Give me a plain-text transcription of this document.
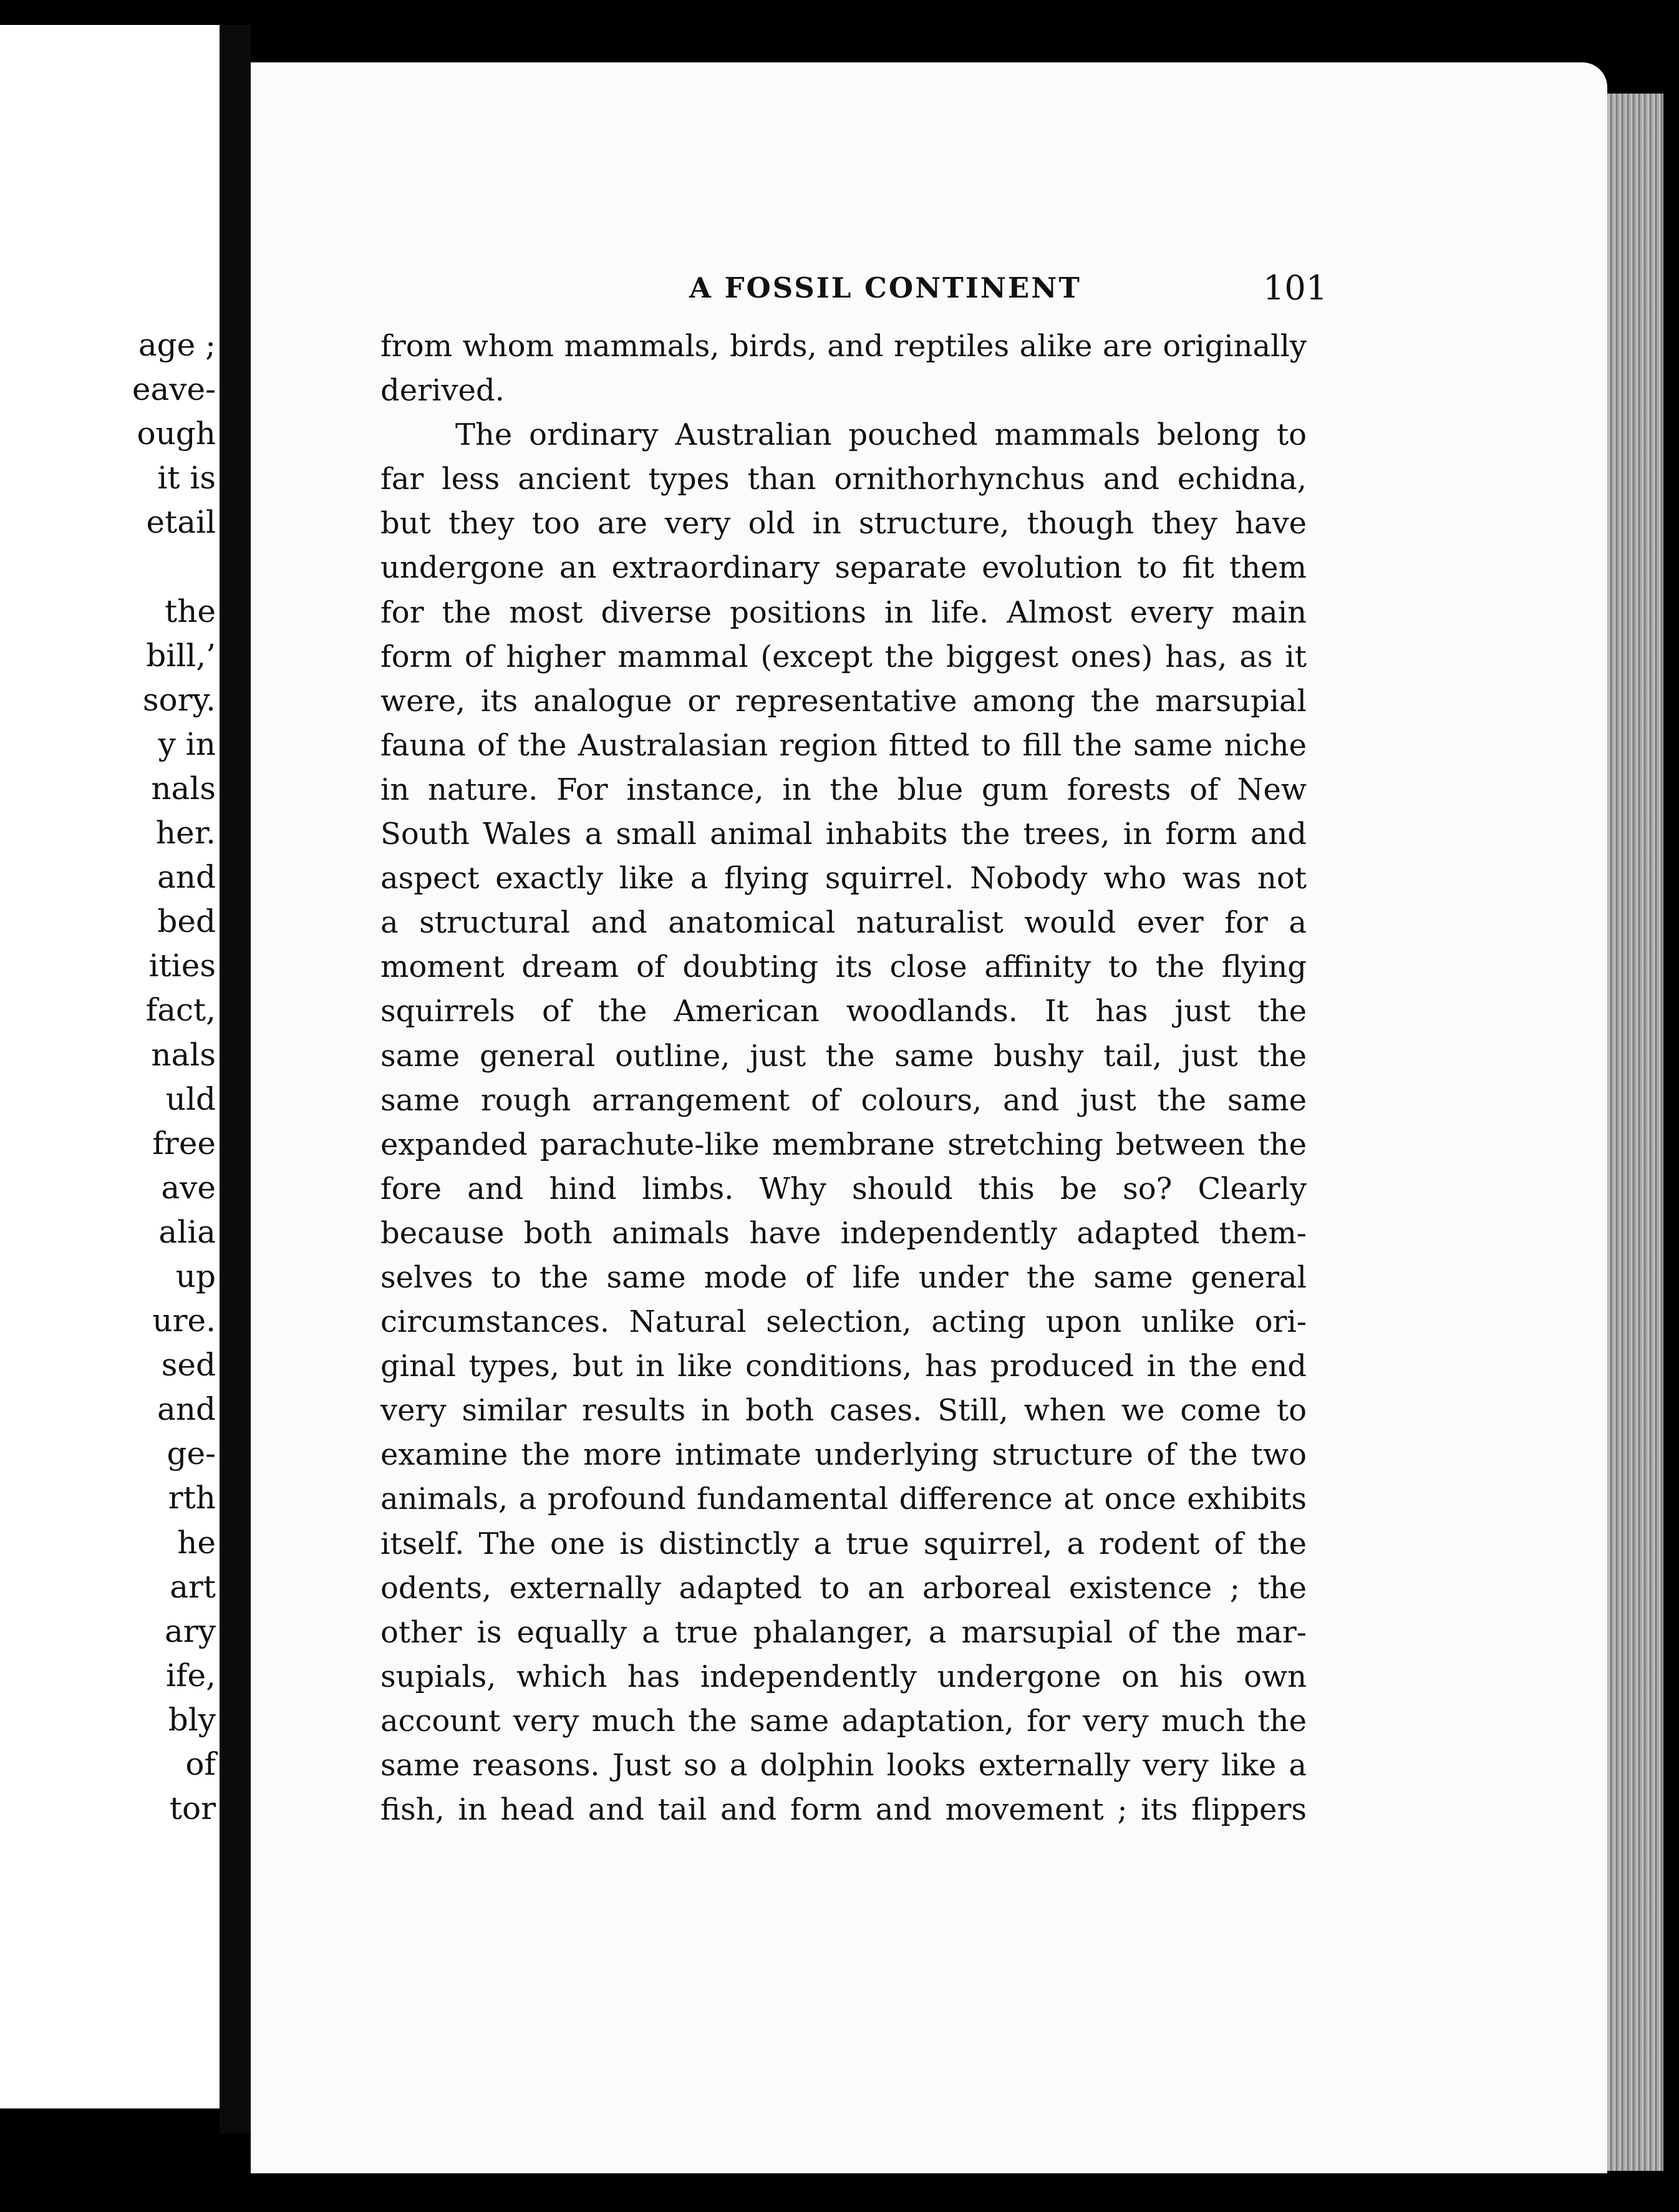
age ;
eave-
ough
it is
etail
the
bill,’
sory.
y in
nals
her.
and
bed
ities
fact,
nals
uld
free
ave
alia
up
ure.
sed
and
ge-
rth
he
art
ary
ife,
bly
of
tor
A FOSSIL CONTINENT	101
from whom mammals, birds, and reptiles alike are originally
derived.
The ordinary Australian pouched mammals belong to
far less ancient types than ornithorhynchus and echidna,
but they too are very old in structure, though they have
undergone an extraordinary separate evolution to fit them
for the most diverse positions in life. Almost every main
form of higher mammal (except the biggest ones) has, as it
were, its analogue or representative among the marsupial
fauna of the Australasian region fitted to fill the same niche
in nature. For instance, in the blue gum forests of New
South Wales a small animal inhabits the trees, in form and
aspect exactly like a flying squirrel. Nobody who was not
a structural and anatomical naturalist would ever for a
moment dream of doubting its close affinity to the flying
squirrels of the American woodlands. It has just the
same general outline, just the same bushy tail, just the
same rough arrangement of colours, and just the same
expanded parachute-like membrane stretching between the
fore and hind limbs. Why should this be so? Clearly
because both animals have independently adapted them-
selves to the same mode of life under the same general
circumstances. Natural selection, acting upon unlike ori-
ginal types, but in like conditions, has produced in the end
very similar results in both cases. Still, when we come to
examine the more intimate underlying structure of the two
animals, a profound fundamental difference at once exhibits
itself. The one is distinctly a true squirrel, a rodent of the
odents, externally adapted to an arboreal existence ; the
other is equally a true phalanger, a marsupial of the mar-
supials, which has independently undergone on his own
account very much the same adaptation, for very much the
same reasons. Just so a dolphin looks externally very like a
fish, in head and tail and form and movement ; its flippers
